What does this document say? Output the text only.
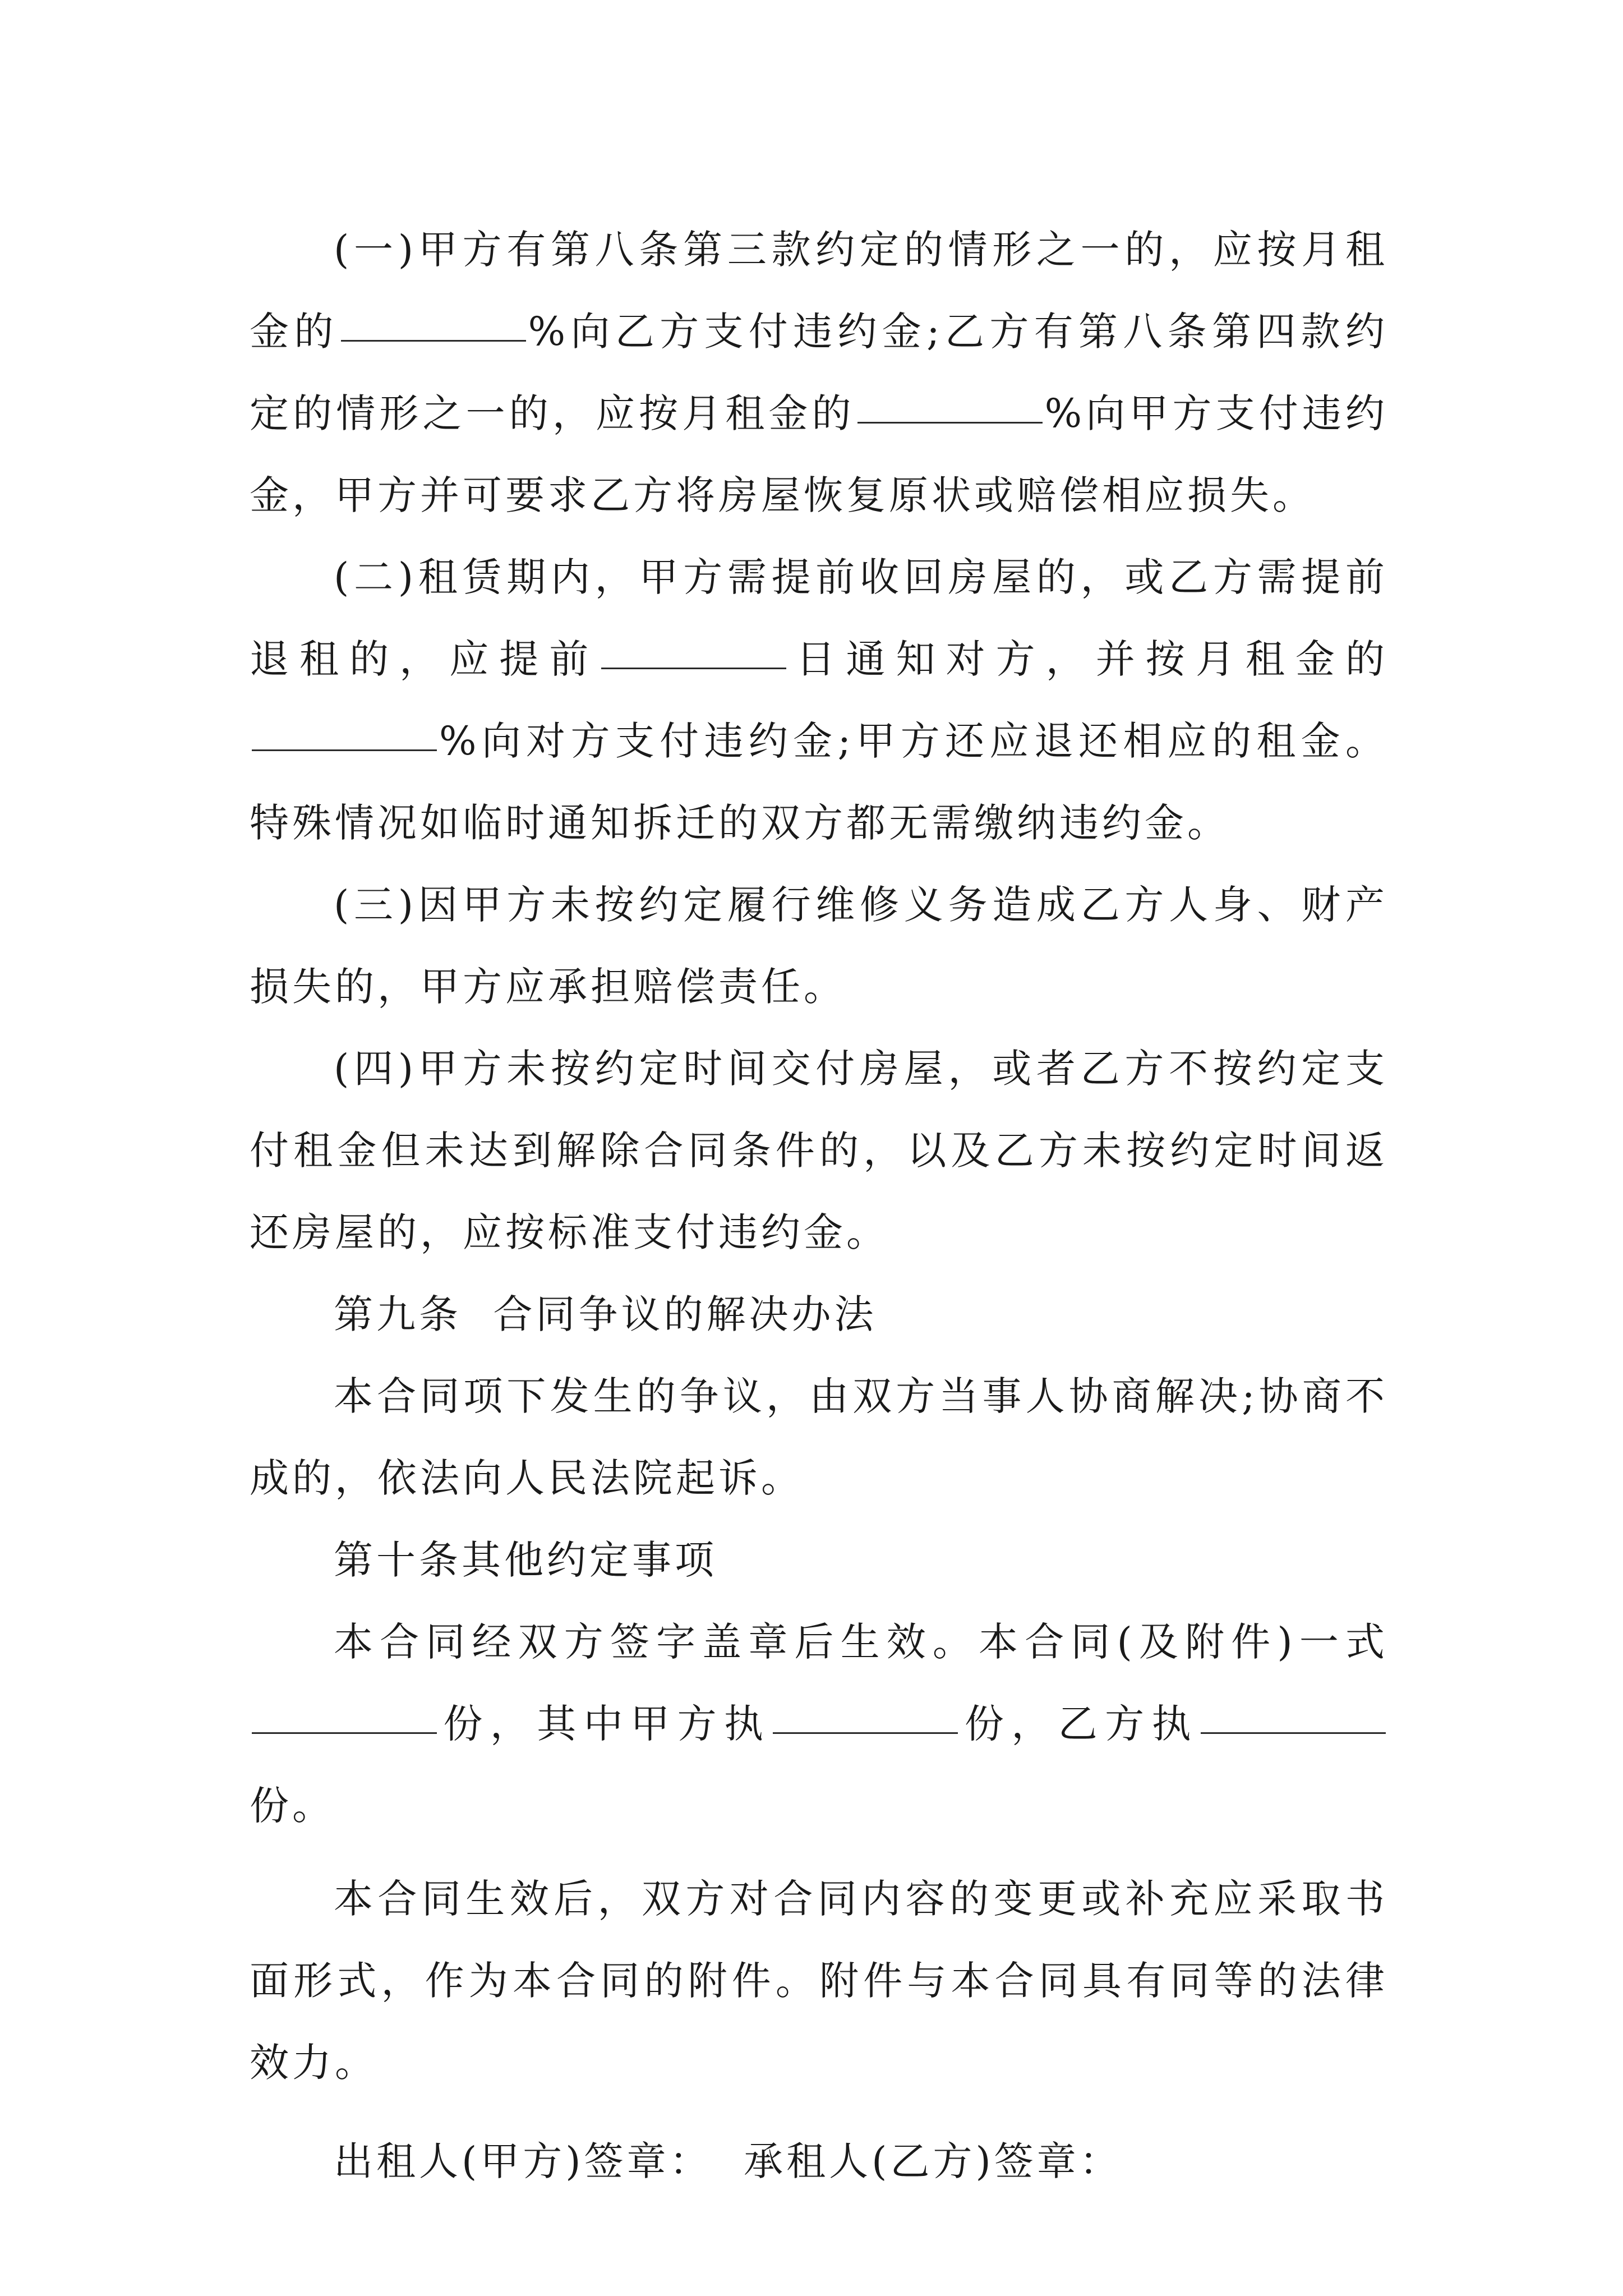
(一)甲方有第八条第三款约定的情形之一的，应按月租金的	%向乙方支付违约金;乙方有第八条第四款约定的情形之一的，应按月租金的	%向甲方支付违约金，甲方并可要求乙方将房屋恢复原状或赔偿相应损失。

(二)租赁期内，甲方需提前收回房屋的，或乙方需提前退租的，应提前	日通知对方，并按月租金的%向对方支付违约金;甲方还应退还相应的租金。特殊情况如临时通知拆迁的双方都无需缴纳违约金。

(三)因甲方未按约定履行维修义务造成乙方人身、财产损失的，甲方应承担赔偿责任。

(四)甲方未按约定时间交付房屋，或者乙方不按约定支付租金但未达到解除合同条件的，以及乙方未按约定时间返还房屋的，应按标准支付违约金。

第九条  合同争议的解决办法

本合同项下发生的争议，由双方当事人协商解决;协商不成的，依法向人民法院起诉。

第十条其他约定事项

本合同经双方签字盖章后生效。本合同(及附件)一式份，其中甲方执	份，乙方执份。

本合同生效后，双方对合同内容的变更或补充应采取书面形式，作为本合同的附件。附件与本合同具有同等的法律效力。

出租人(甲方)签章： 承租人(乙方)签章：
